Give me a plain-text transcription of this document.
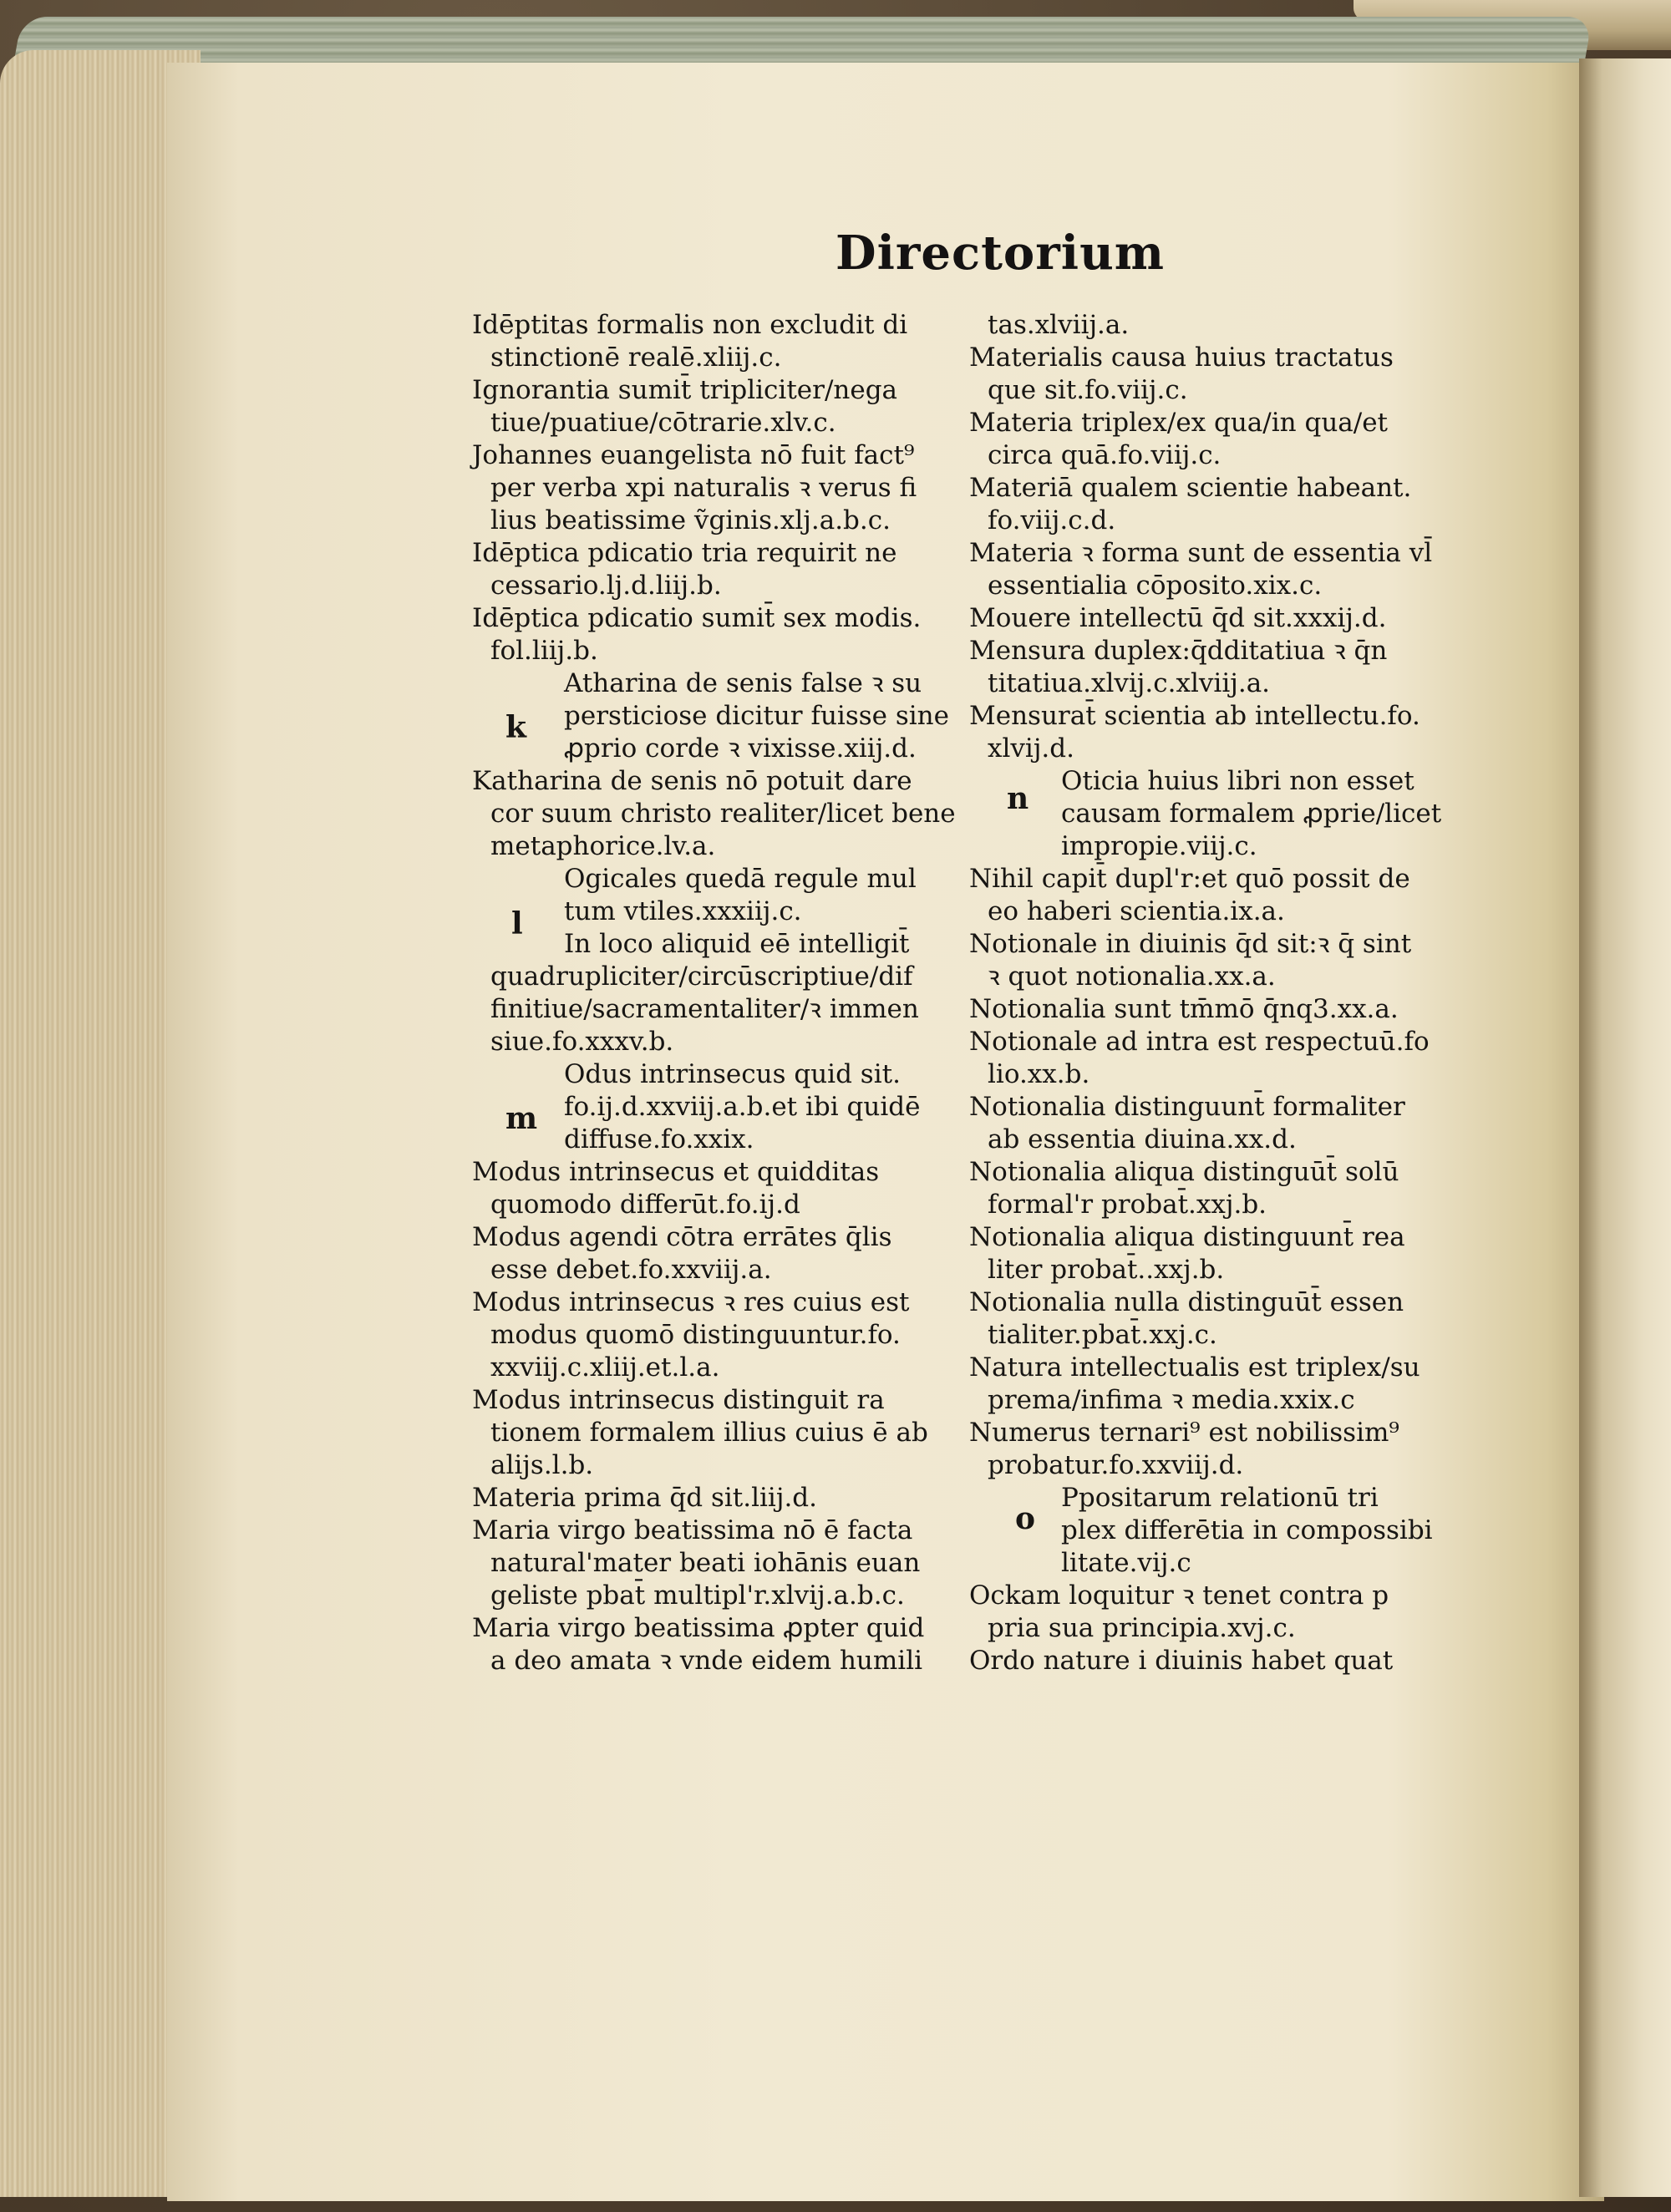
Directorium
Idēptitas formalis non excludit di
stinctionē realē.xliij.c.
Ignorantia sumit̄ tripliciter/nega
tiue/puatiue/cōtrarie.xlv.c.
Johannes euangelista nō fuit fact⁹
per verba xpi naturalis ꝛ verus fi
lius beatissime ṽginis.xlj.a.b.c.
Idēptica pdicatio tria requirit ne
cessario.lj.d.liij.b.
Idēptica pdicatio sumit̄ sex modis.
fol.liij.b.
Atharina de senis false ꝛ su
persticiose dicitur fuisse sine
ꝓprio corde ꝛ vixisse.xiij.d.
Katharina de senis nō potuit dare
cor suum christo realiter/licet bene
metaphorice.lv.a.
Ogicales quedā regule mul
tum vtiles.xxxiij.c.
In loco aliquid eē intelligit̄
quadrupliciter/circūscriptiue/dif
finitiue/sacramentaliter/ꝛ immen
siue.fo.xxxv.b.
Odus intrinsecus quid sit.
fo.ij.d.xxviij.a.b.et ibi quidē
diffuse.fo.xxix.
Modus intrinsecus et quidditas
quomodo differūt.fo.ij.d
Modus agendi cōtra errātes q̄lis
esse debet.fo.xxviij.a.
Modus intrinsecus ꝛ res cuius est
modus quomō distinguuntur.fo.
xxviij.c.xliij.et.l.a.
Modus intrinsecus distinguit ra
tionem formalem illius cuius ē ab
alijs.l.b.
Materia prima q̄d sit.liij.d.
Maria virgo beatissima nō ē facta
natural'mater beati iohānis euan
geliste pbat̄ multipl'r.xlvij.a.b.c.
Maria virgo beatissima ꝓpter quid
a deo amata ꝛ vnde eidem humili
k
l
m
tas.xlviij.a.
Materialis causa huius tractatus
que sit.fo.viij.c.
Materia triplex/ex qua/in qua/et
circa quā.fo.viij.c.
Materiā qualem scientie habeant.
fo.viij.c.d.
Materia ꝛ forma sunt de essentia vl̄
essentialia cōposito.xix.c.
Mouere intellectū q̄d sit.xxxij.d.
Mensura duplex:q̄dditatiua ꝛ q̄n
titatiua.xlvij.c.xlviij.a.
Mensurat̄ scientia ab intellectu.fo.
xlvij.d.
Oticia huius libri non esset
causam formalem ꝓprie/licet
impropie.viij.c.
Nihil capit̄ dupl'r:et quō possit de
eo haberi scientia.ix.a.
Notionale in diuinis q̄d sit:ꝛ q̄ sint
ꝛ quot notionalia.xx.a.
Notionalia sunt tm̄mō q̄nq3.xx.a.
Notionale ad intra est respectuū.fo
lio.xx.b.
Notionalia distinguunt̄ formaliter
ab essentia diuina.xx.d.
Notionalia aliqua distinguūt̄ solū
formal'r probat̄.xxj.b.
Notionalia aliqua distinguunt̄ rea
liter probat̄..xxj.b.
Notionalia nulla distinguūt̄ essen
tialiter.pbat̄.xxj.c.
Natura intellectualis est triplex/su
prema/infima ꝛ media.xxix.c
Numerus ternari⁹ est nobilissim⁹
probatur.fo.xxviij.d.
Ppositarum relationū tri
plex differētia in compossibi
litate.vij.c
Ockam loquitur ꝛ tenet contra p
pria sua principia.xvj.c.
Ordo nature i diuinis habet quat
n
o
